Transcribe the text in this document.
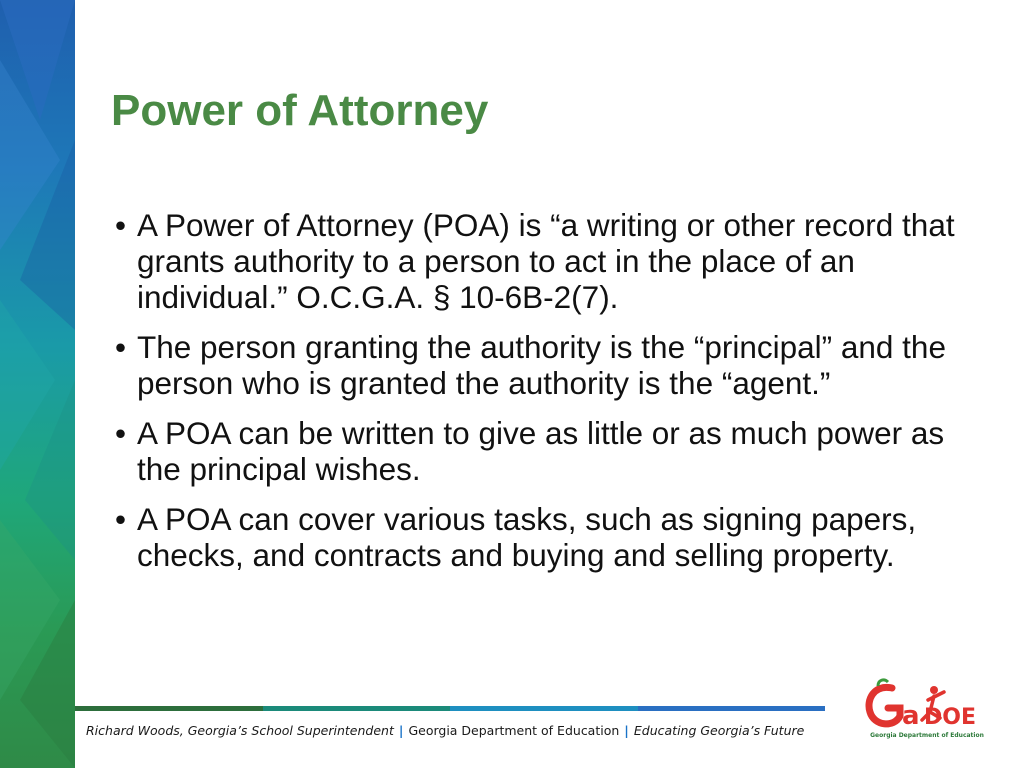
Power of Attorney
• A Power of Attorney (POA) is “a writing or other record that grants authority to a person to act in the place of an individual.” O.C.G.A. § 10-6B-2(7).
• The person granting the authority is the “principal” and the person who is granted the authority is the “agent.”
• A POA can be written to give as little or as much power as the principal wishes.
• A POA can cover various tasks, such as signing papers, checks, and contracts and buying and selling property.
Richard Woods, Georgia’s School Superintendent | Georgia Department of Education | Educating Georgia’s Future	a DOE
Georgia Department of Education
